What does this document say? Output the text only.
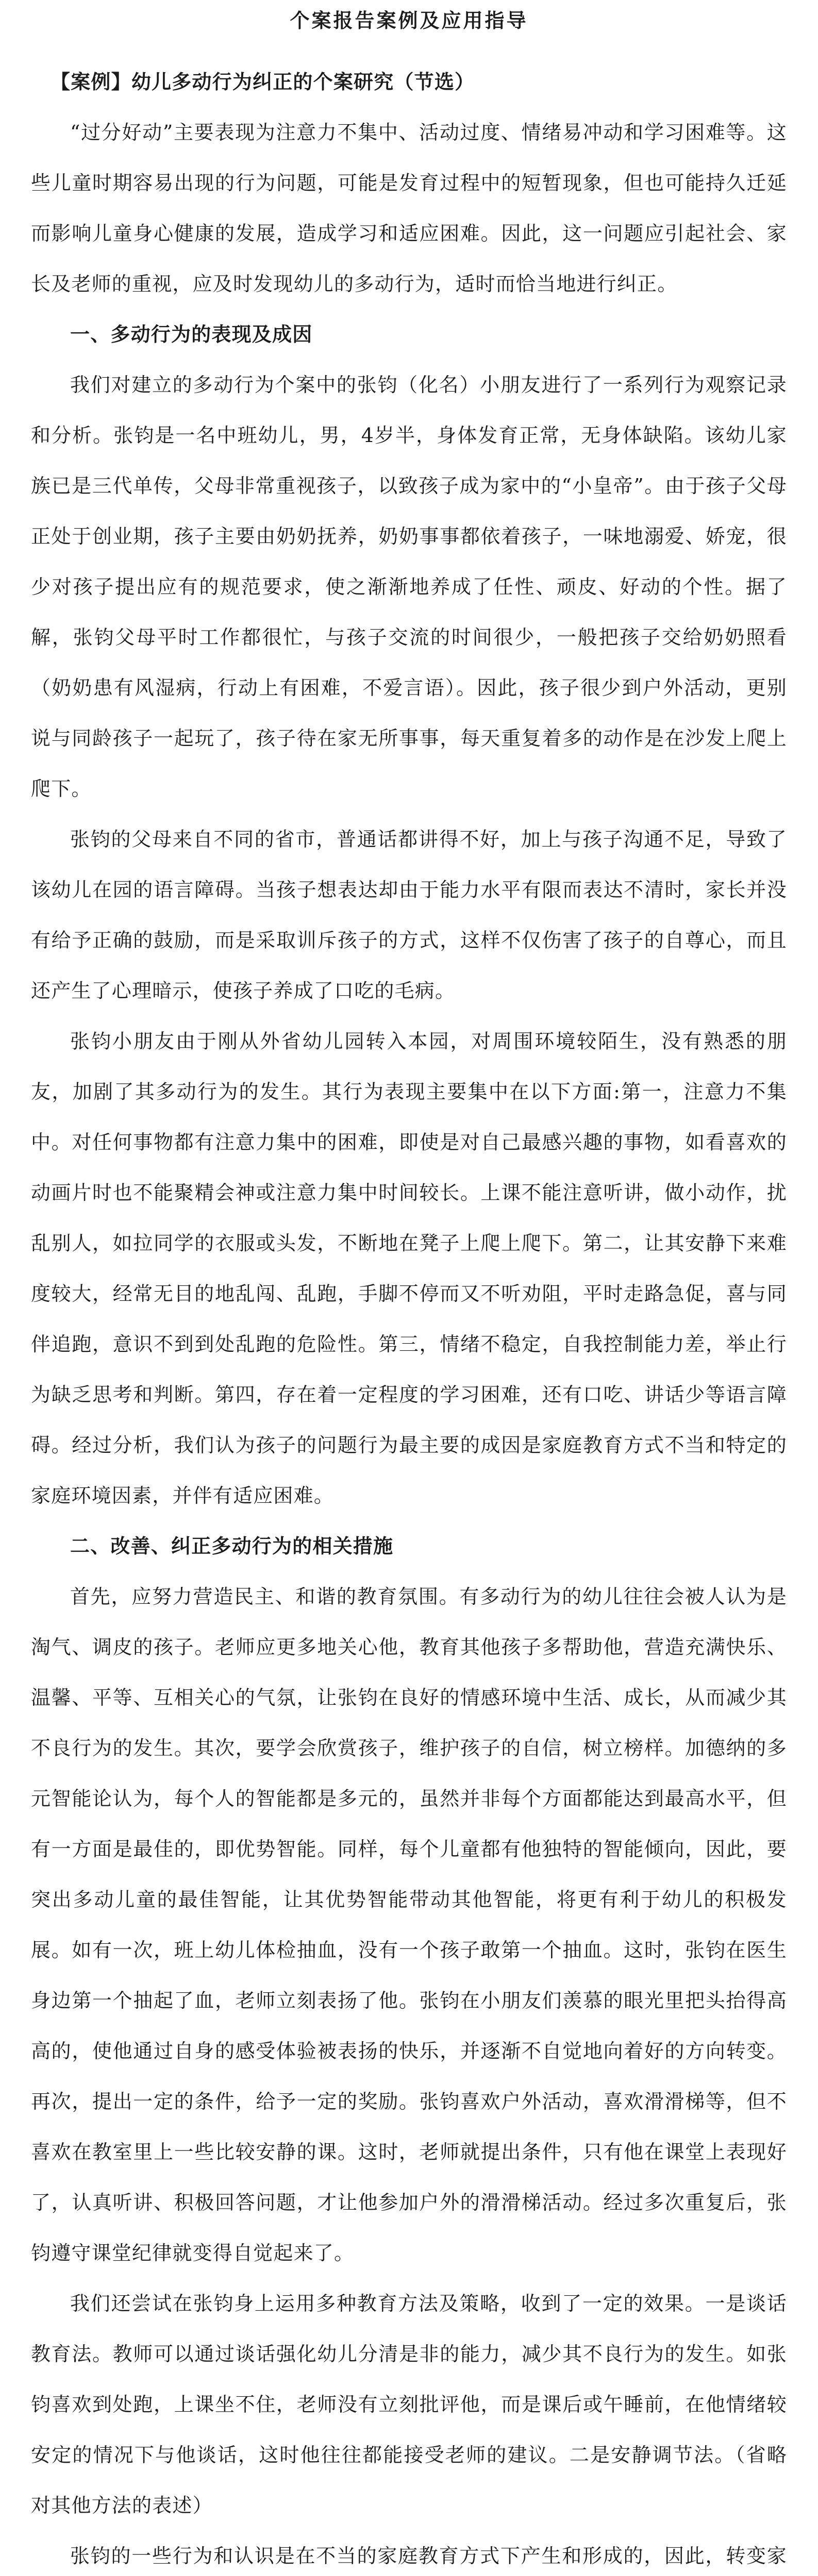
个案报告案例及应用指导

【案例】幼儿多动行为纠正的个案研究（节选）

“过分好动”主要表现为注意力不集中、活动过度、情绪易冲动和学习困难等。这些儿童时期容易出现的行为问题，可能是发育过程中的短暂现象，但也可能持久迁延而影响儿童身心健康的发展，造成学习和适应困难。因此，这一问题应引起社会、家长及老师的重视，应及时发现幼儿的多动行为，适时而恰当地进行纠正。

一、多动行为的表现及成因

我们对建立的多动行为个案中的张钧（化名）小朋友进行了一系列行为观察记录和分析。张钧是一名中班幼儿，男，4岁半，身体发育正常，无身体缺陷。该幼儿家族已是三代单传，父母非常重视孩子，以致孩子成为家中的“小皇帝”。由于孩子父母正处于创业期，孩子主要由奶奶抚养，奶奶事事都依着孩子，一味地溺爱、娇宠，很少对孩子提出应有的规范要求，使之渐渐地养成了任性、顽皮、好动的个性。据了解，张钧父母平时工作都很忙，与孩子交流的时间很少，一般把孩子交给奶奶照看（奶奶患有风湿病，行动上有困难，不爱言语）。因此，孩子很少到户外活动，更别说与同龄孩子一起玩了，孩子待在家无所事事，每天重复着多的动作是在沙发上爬上爬下。

张钧的父母来自不同的省市，普通话都讲得不好，加上与孩子沟通不足，导致了该幼儿在园的语言障碍。当孩子想表达却由于能力水平有限而表达不清时，家长并没有给予正确的鼓励，而是采取训斥孩子的方式，这样不仅伤害了孩子的自尊心，而且还产生了心理暗示，使孩子养成了口吃的毛病。

张钧小朋友由于刚从外省幼儿园转入本园，对周围环境较陌生，没有熟悉的朋友，加剧了其多动行为的发生。其行为表现主要集中在以下方面:第一，注意力不集中。对任何事物都有注意力集中的困难，即使是对自己最感兴趣的事物，如看喜欢的动画片时也不能聚精会神或注意力集中时间较长。上课不能注意听讲，做小动作，扰乱别人，如拉同学的衣服或头发，不断地在凳子上爬上爬下。第二，让其安静下来难度较大，经常无目的地乱闯、乱跑，手脚不停而又不听劝阻，平时走路急促，喜与同伴追跑，意识不到到处乱跑的危险性。第三，情绪不稳定，自我控制能力差，举止行为缺乏思考和判断。第四，存在着一定程度的学习困难，还有口吃、讲话少等语言障碍。经过分析，我们认为孩子的问题行为最主要的成因是家庭教育方式不当和特定的家庭环境因素，并伴有适应困难。

二、改善、纠正多动行为的相关措施

首先，应努力营造民主、和谐的教育氛围。有多动行为的幼儿往往会被人认为是淘气、调皮的孩子。老师应更多地关心他，教育其他孩子多帮助他，营造充满快乐、温馨、平等、互相关心的气氛，让张钧在良好的情感环境中生活、成长，从而减少其不良行为的发生。其次，要学会欣赏孩子，维护孩子的自信，树立榜样。加德纳的多元智能论认为，每个人的智能都是多元的，虽然并非每个方面都能达到最高水平，但有一方面是最佳的，即优势智能。同样，每个儿童都有他独特的智能倾向，因此，要突出多动儿童的最佳智能，让其优势智能带动其他智能，将更有利于幼儿的积极发展。如有一次，班上幼儿体检抽血，没有一个孩子敢第一个抽血。这时，张钧在医生身边第一个抽起了血，老师立刻表扬了他。张钧在小朋友们羡慕的眼光里把头抬得高高的，使他通过自身的感受体验被表扬的快乐，并逐渐不自觉地向着好的方向转变。再次，提出一定的条件，给予一定的奖励。张钧喜欢户外活动，喜欢滑滑梯等，但不喜欢在教室里上一些比较安静的课。这时，老师就提出条件，只有他在课堂上表现好了，认真听讲、积极回答问题，才让他参加户外的滑滑梯活动。经过多次重复后，张钧遵守课堂纪律就变得自觉起来了。

我们还尝试在张钧身上运用多种教育方法及策略，收到了一定的效果。一是谈话教育法。教师可以通过谈话强化幼儿分清是非的能力，减少其不良行为的发生。如张钧喜欢到处跑，上课坐不住，老师没有立刻批评他，而是课后或午睡前，在他情绪较安定的情况下与他谈话，这时他往往都能接受老师的建议。二是安静调节法。（省略对其他方法的表述）

张钧的一些行为和认识是在不当的家庭教育方式下产生和形成的，因此，转变家
